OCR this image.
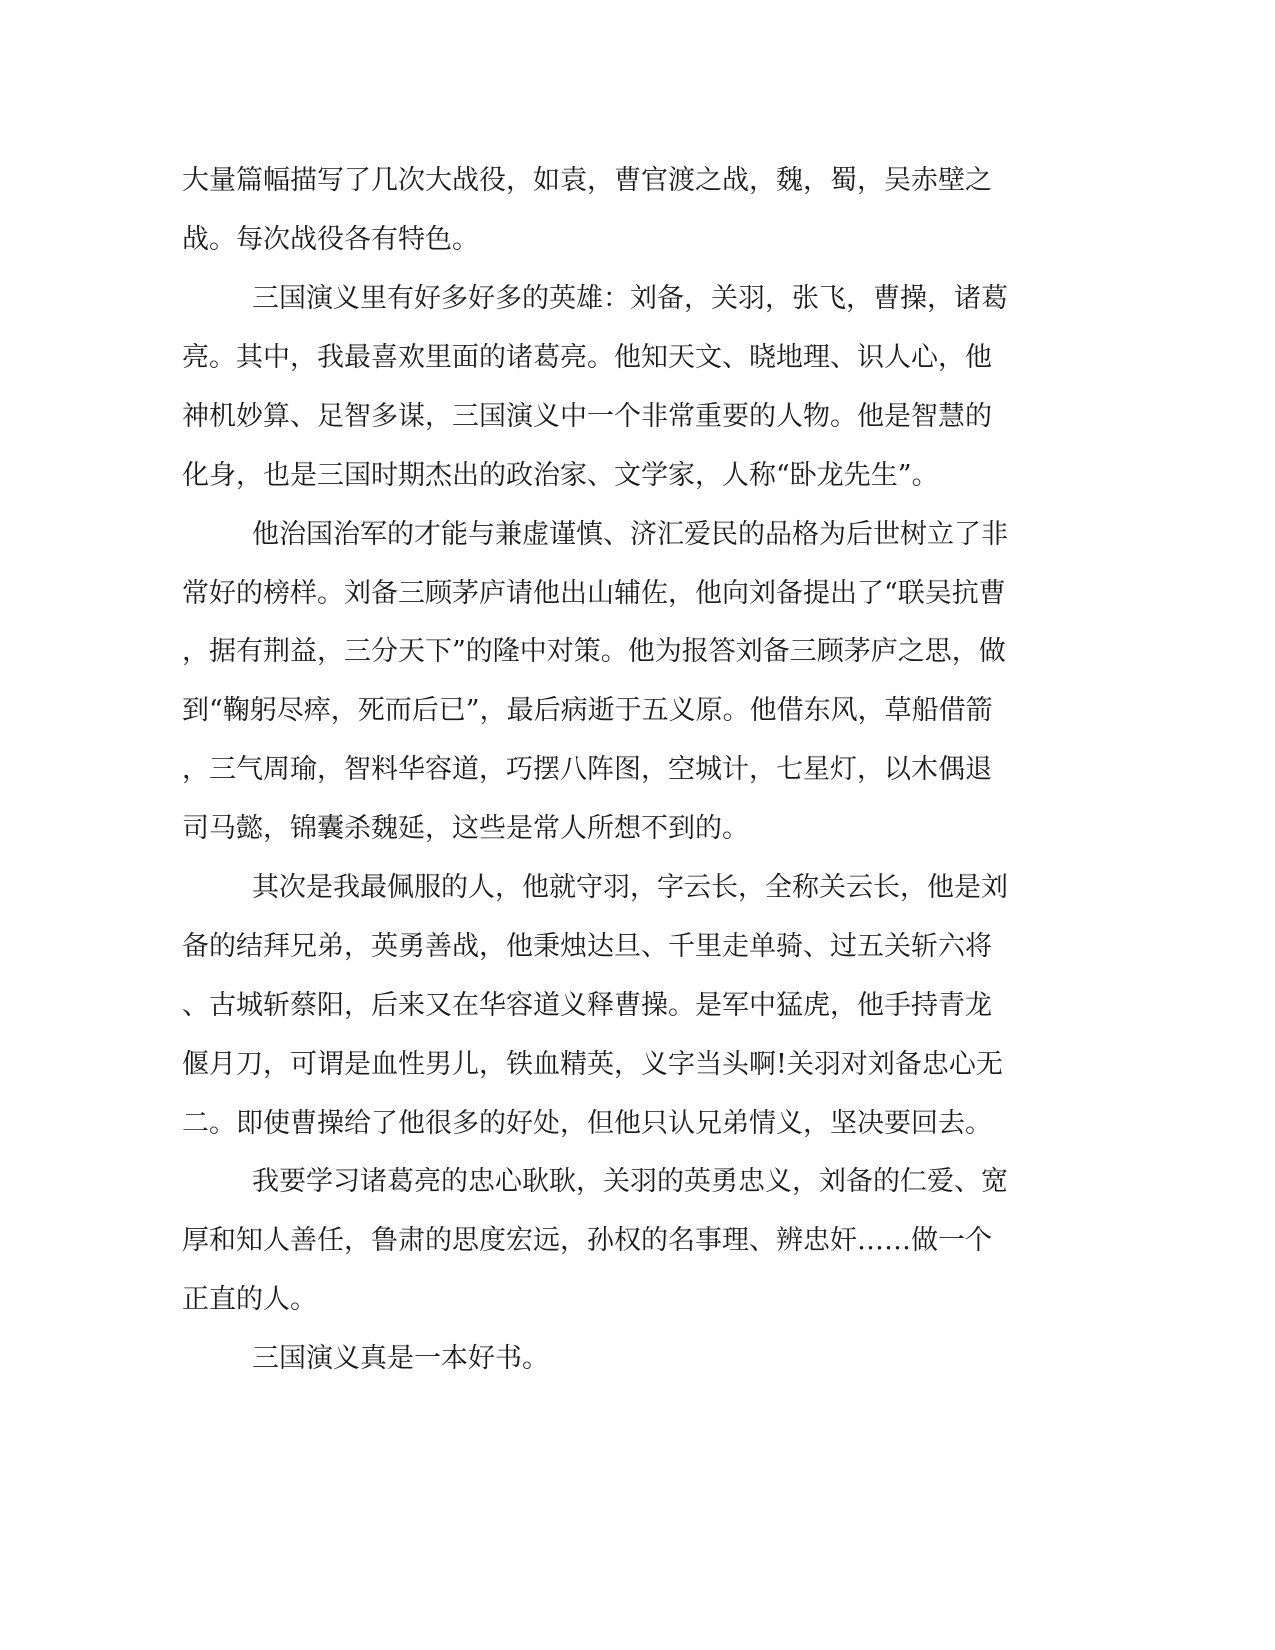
大量篇幅描写了几次大战役，如袁，曹官渡之战，魏，蜀，吴赤壁之

战。每次战役各有特色。

三国演义里有好多好多的英雄：刘备，关羽，张飞，曹操，诸葛

亮。其中，我最喜欢里面的诸葛亮。他知天文、晓地理、识人心，他

神机妙算、足智多谋，三国演义中一个非常重要的人物。他是智慧的

化身，也是三国时期杰出的政治家、文学家，人称“卧龙先生”。

他治国治军的才能与兼虚谨慎、济汇爱民的品格为后世树立了非

常好的榜样。刘备三顾茅庐请他出山辅佐，他向刘备提出了“联吴抗曹

，据有荆益，三分天下”的隆中对策。他为报答刘备三顾茅庐之思，做

到“鞠躬尽瘁，死而后已”，最后病逝于五义原。他借东风，草船借箭

，三气周瑜，智料华容道，巧摆八阵图，空城计，七星灯，以木偶退

司马懿，锦囊杀魏延，这些是常人所想不到的。

其次是我最佩服的人，他就守羽，字云长，全称关云长，他是刘

备的结拜兄弟，英勇善战，他秉烛达旦、千里走单骑、过五关斩六将

、古城斩蔡阳，后来又在华容道义释曹操。是军中猛虎，他手持青龙

偃月刀，可谓是血性男儿，铁血精英，义字当头啊!关羽对刘备忠心无

二。即使曹操给了他很多的好处，但他只认兄弟情义，坚决要回去。

我要学习诸葛亮的忠心耿耿，关羽的英勇忠义，刘备的仁爱、宽

厚和知人善任，鲁肃的思度宏远，孙权的名事理、辨忠奸……做一个

正直的人。

三国演义真是一本好书。
